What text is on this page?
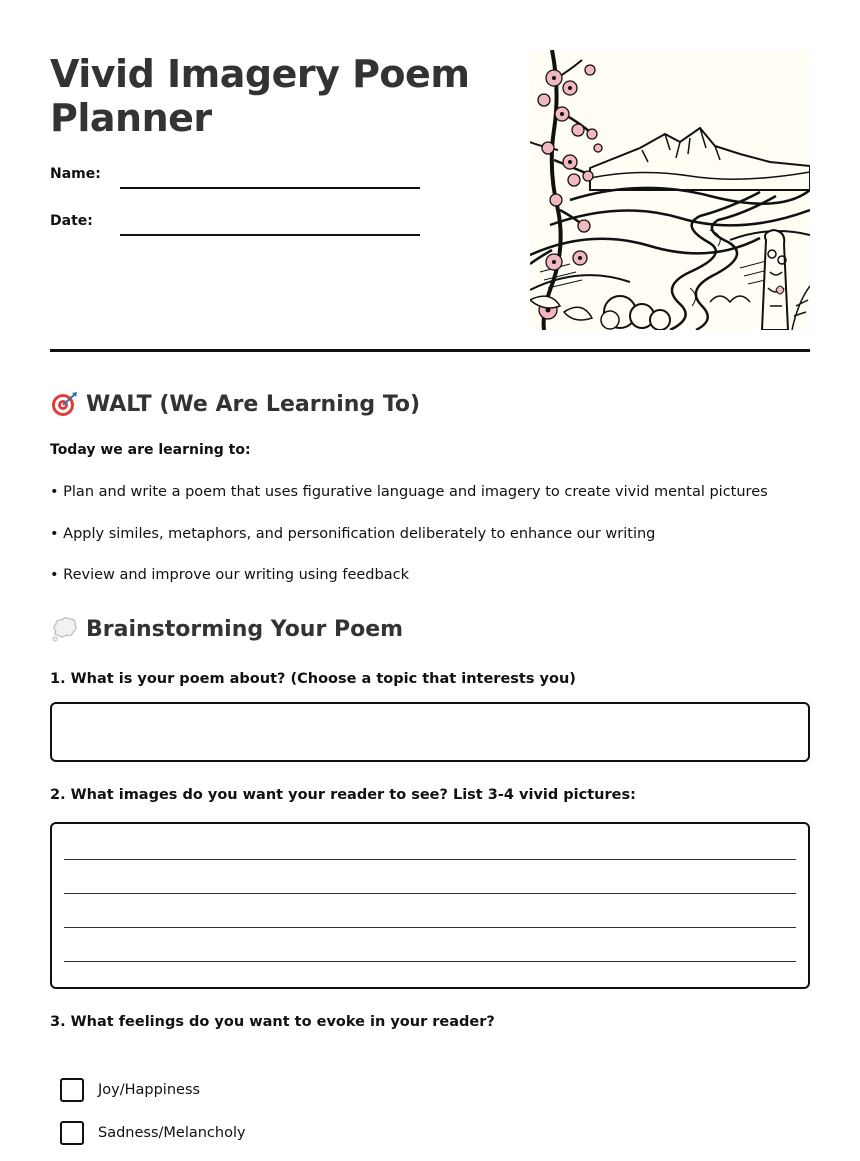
Vivid Imagery Poem Planner
Name:
Date:
WALT (We Are Learning To)
Today we are learning to:
• Plan and write a poem that uses figurative language and imagery to create vivid mental pictures
• Apply similes, metaphors, and personification deliberately to enhance our writing
• Review and improve our writing using feedback
Brainstorming Your Poem
1. What is your poem about? (Choose a topic that interests you)
2. What images do you want your reader to see? List 3-4 vivid pictures:
3. What feelings do you want to evoke in your reader?
Joy/Happiness
Sadness/Melancholy
